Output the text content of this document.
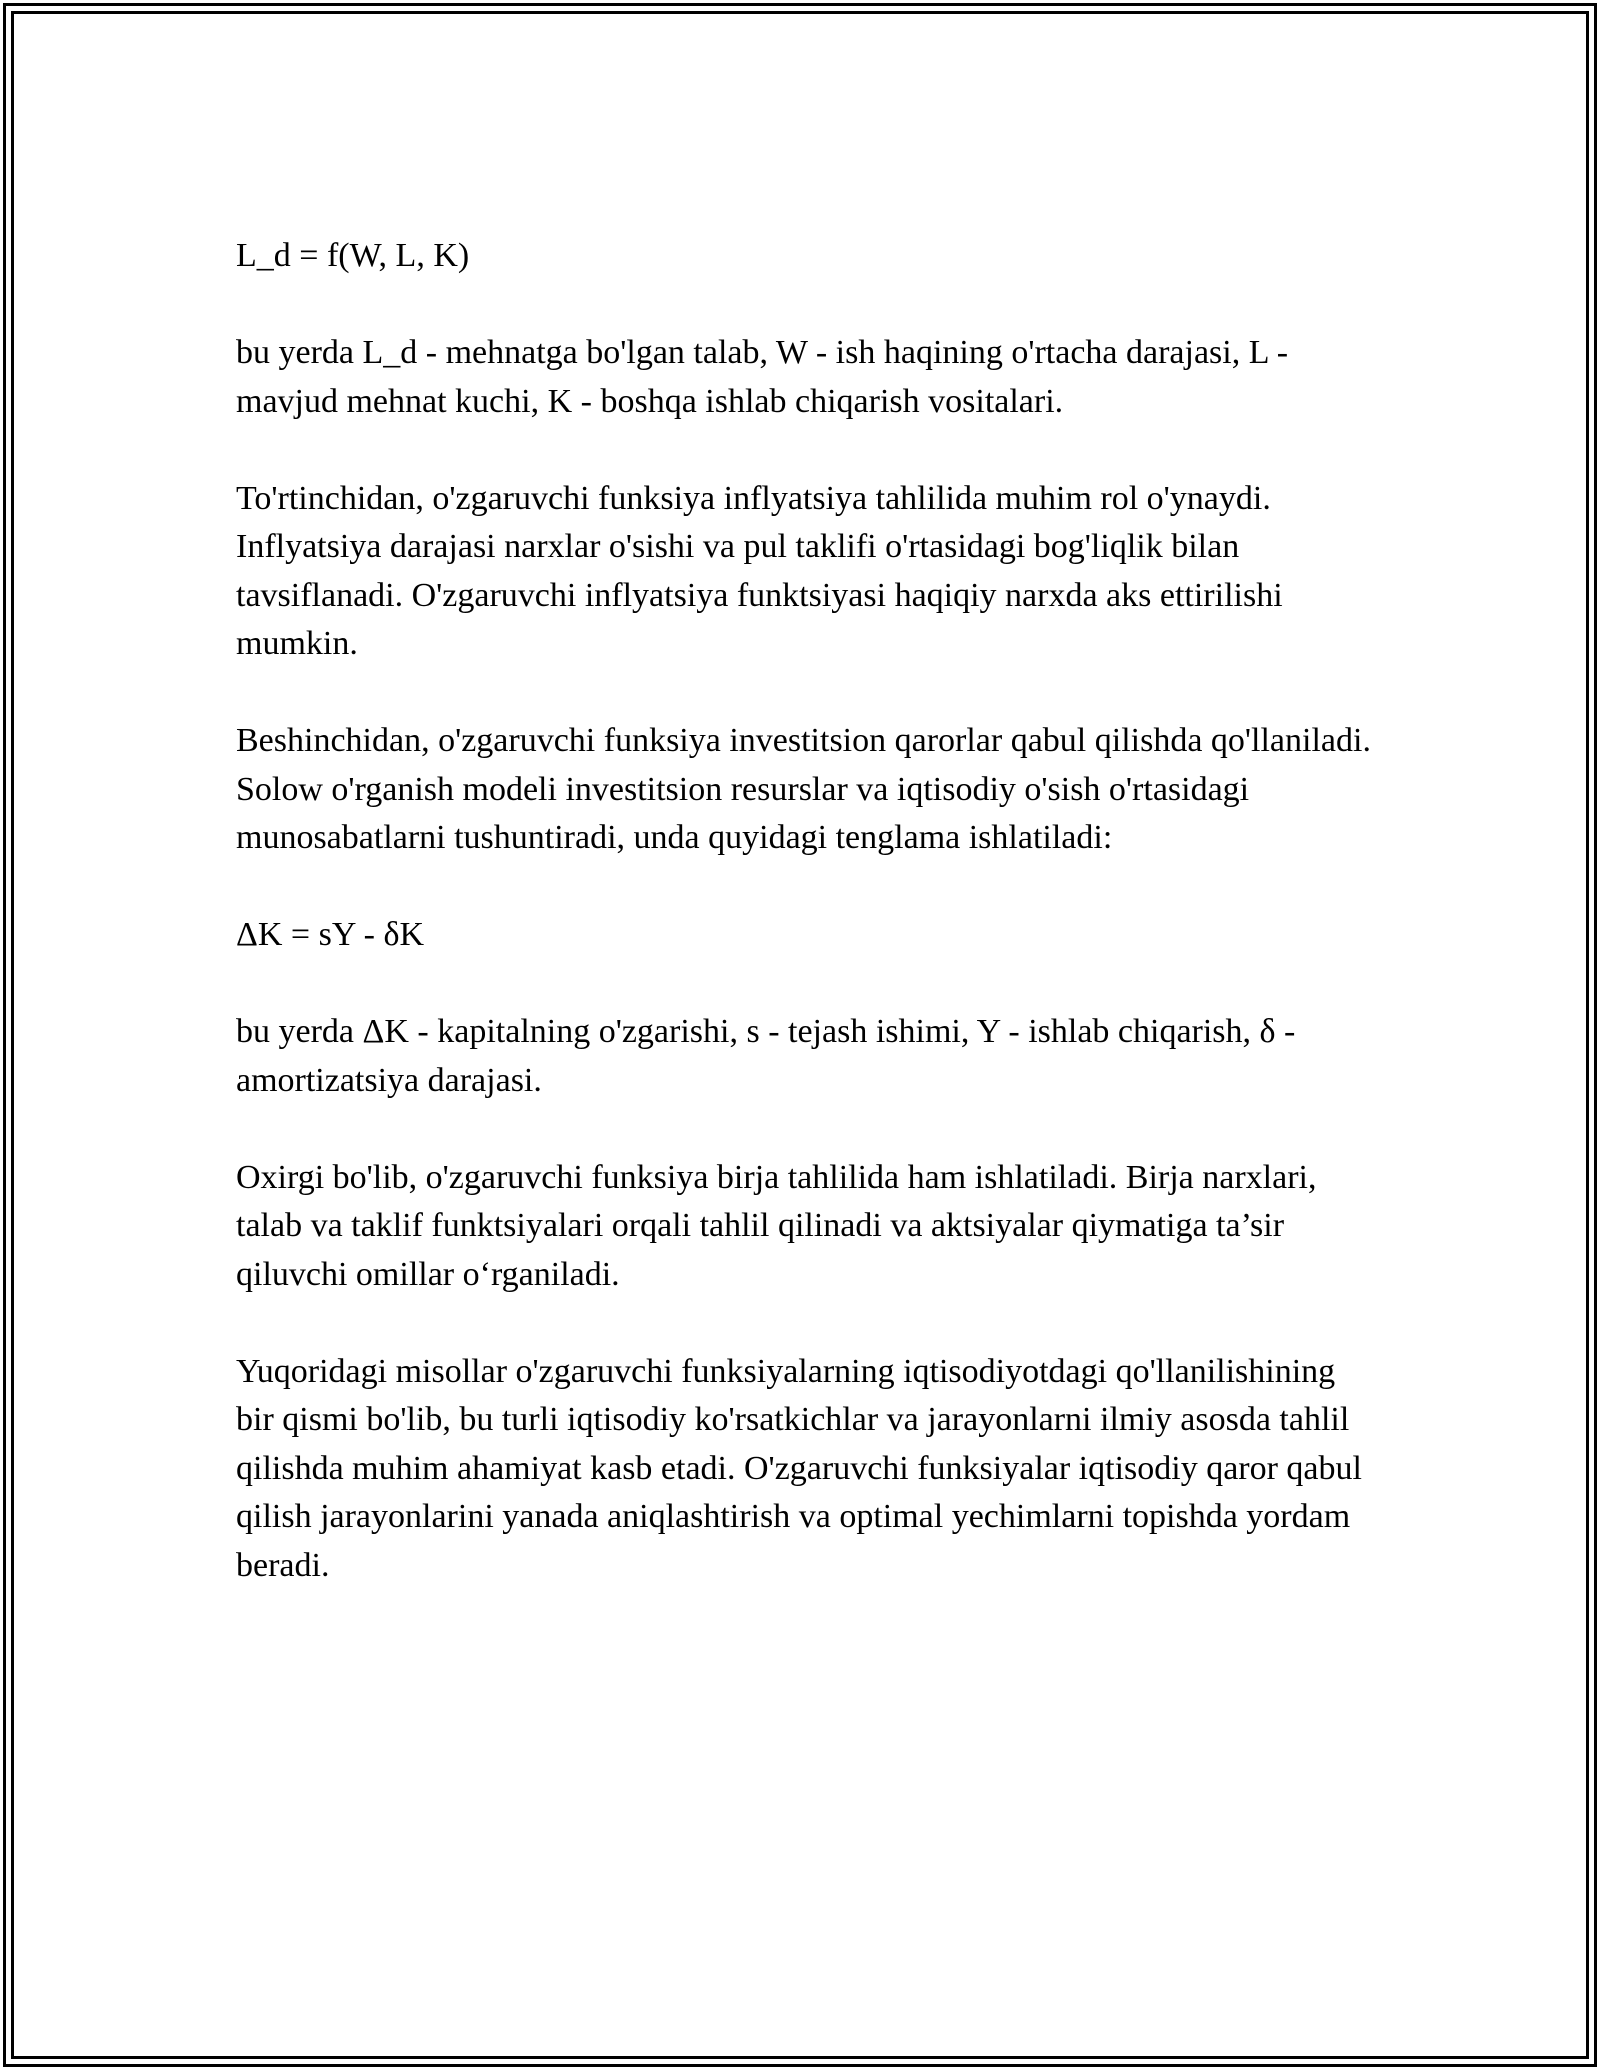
L_d = f(W, L, K)

bu yerda L_d - mehnatga bo'lgan talab, W - ish haqining o'rtacha darajasi, L - mavjud mehnat kuchi, K - boshqa ishlab chiqarish vositalari.

To'rtinchidan, o'zgaruvchi funksiya inflyatsiya tahlilida muhim rol o'ynaydi. Inflyatsiya darajasi narxlar o'sishi va pul taklifi o'rtasidagi bog'liqlik bilan tavsiflanadi. O'zgaruvchi inflyatsiya funktsiyasi haqiqiy narxda aks ettirilishi mumkin.

Beshinchidan, o'zgaruvchi funksiya investitsion qarorlar qabul qilishda qo'llaniladi. Solow o'rganish modeli investitsion resurslar va iqtisodiy o'sish o'rtasidagi munosabatlarni tushuntiradi, unda quyidagi tenglama ishlatiladi:

ΔK = sY - δK

bu yerda ΔK - kapitalning o'zgarishi, s - tejash ishimi, Y - ishlab chiqarish, δ - amortizatsiya darajasi.

Oxirgi bo'lib, o'zgaruvchi funksiya birja tahlilida ham ishlatiladi. Birja narxlari, talab va taklif funktsiyalari orqali tahlil qilinadi va aktsiyalar qiymatiga ta’sir qiluvchi omillar o‘rganiladi.

Yuqoridagi misollar o'zgaruvchi funksiyalarning iqtisodiyotdagi qo'llanilishining bir qismi bo'lib, bu turli iqtisodiy ko'rsatkichlar va jarayonlarni ilmiy asosda tahlil qilishda muhim ahamiyat kasb etadi. O'zgaruvchi funksiyalar iqtisodiy qaror qabul qilish jarayonlarini yanada aniqlashtirish va optimal yechimlarni topishda yordam beradi.
